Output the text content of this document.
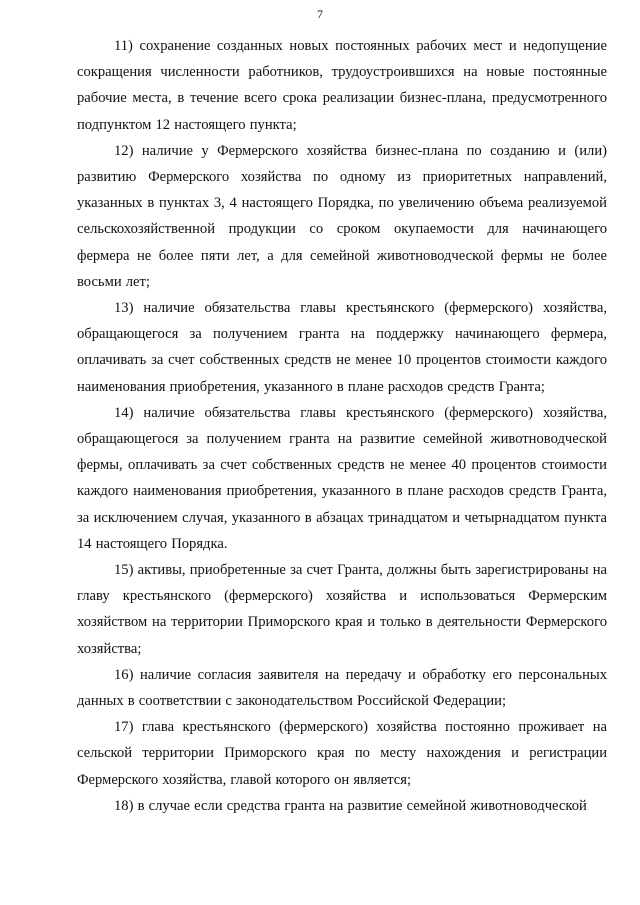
7

11) сохранение созданных новых постоянных рабочих мест и недопущение сокращения численности работников, трудоустроившихся на новые постоянные рабочие места, в течение всего срока реализации бизнес-плана, предусмотренного подпунктом 12 настоящего пункта;

12) наличие у Фермерского хозяйства бизнес-плана по созданию и (или) развитию Фермерского хозяйства по одному из приоритетных направлений, указанных в пунктах 3, 4 настоящего Порядка, по увеличению объема реализуемой сельскохозяйственной продукции со сроком окупаемости для начинающего фермера не более пяти лет, а для семейной животноводческой фермы не более восьми лет;

13) наличие обязательства главы крестьянского (фермерского) хозяйства, обращающегося за получением гранта на поддержку начинающего фермера, оплачивать за счет собственных средств не менее 10 процентов стоимости каждого наименования приобретения, указанного в плане расходов средств Гранта;

14) наличие обязательства главы крестьянского (фермерского) хозяйства, обращающегося за получением гранта на развитие семейной животноводческой фермы, оплачивать за счет собственных средств не менее 40 процентов стоимости каждого наименования приобретения, указанного в плане расходов средств Гранта, за исключением случая, указанного в абзацах тринадцатом и четырнадцатом пункта 14 настоящего Порядка.

15) активы, приобретенные за счет Гранта, должны быть зарегистрированы на главу крестьянского (фермерского) хозяйства и использоваться Фермерским хозяйством на территории Приморского края и только в деятельности Фермерского хозяйства;

16) наличие согласия заявителя на передачу и обработку его персональных данных в соответствии с законодательством Российской Федерации;

17) глава крестьянского (фермерского) хозяйства постоянно проживает на сельской территории Приморского края по месту нахождения и регистрации Фермерского хозяйства, главой которого он является;

18) в случае если средства гранта на развитие семейной животноводческой
